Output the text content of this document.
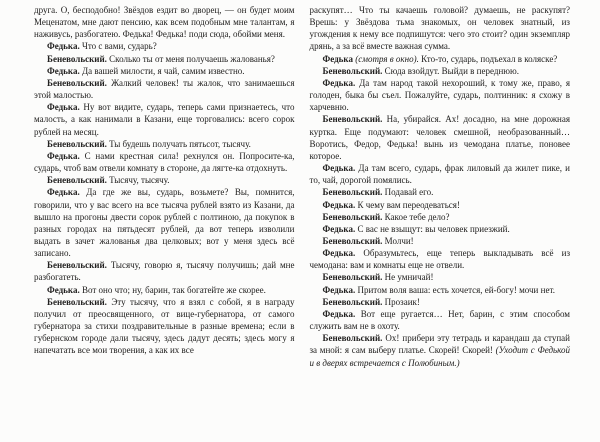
друга. О, бесподобно! Звёздов ездит во дворец, — он будет моим Меценатом, мне дают пенсию, как всем подобным мне талантам, я наживусь, разбогатею. Федька! Федька! поди сюда, обойми меня.

Федька. Что с вами, сударь?

Беневольский. Сколько ты от меня получаешь жалованья?

Федька. Да вашей милости, я чай, самим известно.

Беневольский. Жалкий человек! ты жалок, что занимаешься этой малостью.

Федька. Ну вот видите, сударь, теперь сами признаетесь, что малость, а как нанимали в Казани, еще торговались: всего сорок рублей на месяц.

Беневольский. Ты будешь получать пятьсот, тысячу.

Федька. С нами крестная сила! рехнулся он. Попросите-ка, сударь, чтоб вам отвели комнату в стороне, да лягте-ка отдохнуть.

Беневольский. Тысячу, тысячу.

Федька. Да где же вы, сударь, возьмете? Вы, помнится, говорили, что у вас всего на все тысяча рублей взято из Казани, да вышло на прогоны двести сорок рублей с полтиною, да покупок в разных городах на пятьдесят рублей, да вот теперь изволили выдать в зачет жалованья два целковых; вот у меня здесь всё записано.

Беневольский. Тысячу, говорю я, тысячу получишь; дай мне разбогатеть.

Федька. Вот оно что; ну, барин, так богатейте же скорее.

Беневольский. Эту тысячу, что я взял с собой, я в награду получил от преосвященного, от вице-губернатора, от самого губернатора за стихи поздравительные в разные времена; если в губернском городе дали тысячу, здесь дадут десять; здесь могу я напечатать все мои творения, а как их все

раскупят… Что ты качаешь головой? думаешь, не раскупят? Врешь: у Звёздова тьма знакомых, он человек знатный, из угождения к нему все подпишутся: чего это стоит? один экземпляр дрянь, а за всё вместе важная сумма.

Федька (смотря в окно). Кто-то, сударь, подъехал в коляске?

Беневольский. Сюда взойдут. Выйди в переднюю.

Федька. Да там народ такой нехороший, к тому же, право, я голоден, быка бы съел. Пожалуйте, сударь, полтинник: я схожу в харчевню.

Беневольский. На, убирайся. Ах! досадно, на мне дорожная куртка. Еще подумают: человек смешной, необразованный… Воротись, Федор, Федька! вынь из чемодана платье, поновее которое.

Федька. Да там всего, сударь, фрак лиловый да жилет пике, и то, чай, дорогой помялись.

Беневольский. Подавай его.

Федька. К чему вам переодеваться!

Беневольский. Какое тебе дело?

Федька. С вас не взыщут: вы человек приезжий.

Беневольский. Молчи!

Федька. Образумьтесь, еще теперь выкладывать всё из чемодана: вам и комнаты еще не отвели.

Беневольский. Не умничай!

Федька. Притом воля ваша: есть хочется, ей-богу! мочи нет.

Беневольский. Прозаик!

Федька. Вот еще ругается… Нет, барин, с этим способом служить вам не в охоту.

Беневольский. Ох! прибери эту тетрадь и карандаш да ступай за мной: я сам выберу платье. Скорей! Скорей! (Уходит с Федькой и в дверях встречается с Полюбиным.)
